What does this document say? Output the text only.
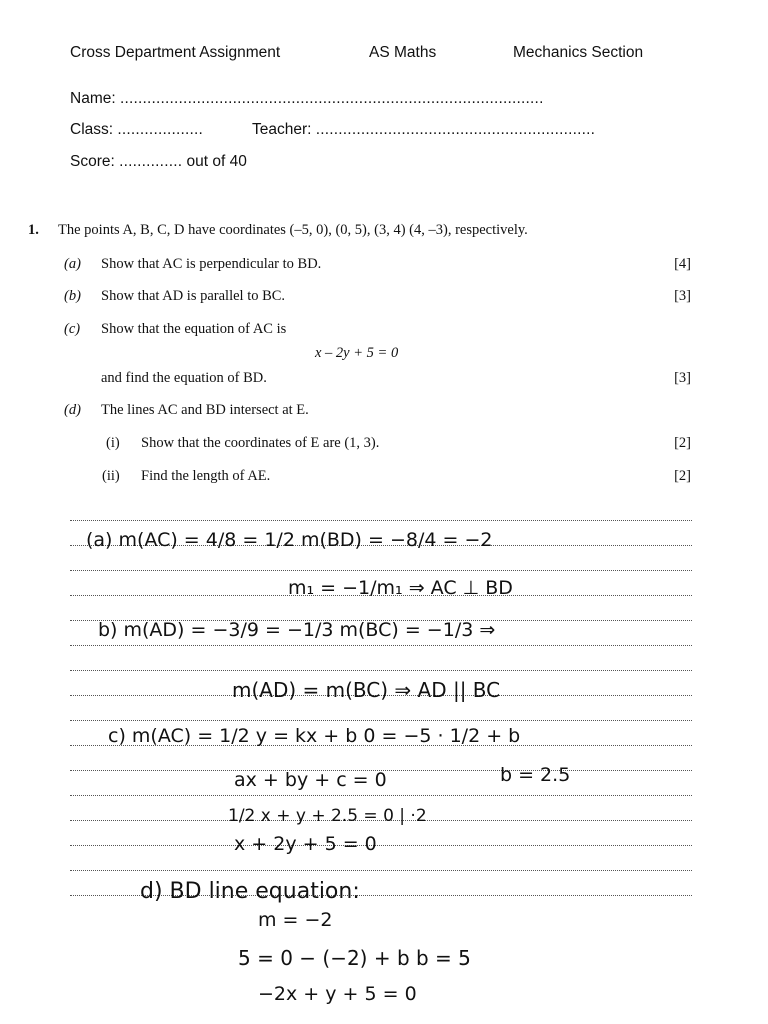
Cross Department Assignment	AS Maths	Mechanics Section
Name: ..............................................................................................
Class: ...................	Teacher: ..............................................................
Score: .............. out of 40
1. The points A, B, C, D have coordinates (–5, 0), (0, 5), (3, 4) (4, –3), respectively.
(a) Show that AC is perpendicular to BD.	[4]
(b) Show that AD is parallel to BC.	[3]
(c) Show that the equation of AC is
x – 2y + 5 = 0
and find the equation of BD.	[3]
(d) The lines AC and BD intersect at E.
(i) Show that the coordinates of E are (1, 3).	[2]
(ii) Find the length of AE.	[2]
(a) m(AC) = 4/8 = 1/2 m(BD) = −8/4 = −2
m₁ = −1/m₁ ⇒ AC ⊥ BD
b) m(AD) = −3/9 = −1/3 m(BC) = −1/3 ⇒
m(AD) = m(BC) ⇒ AD || BC
c) m(AC) = 1/2 y = kx + b 0 = −5 · 1/2 + b
ax + by + c = 0	b = 2.5
1/2 x + y + 2.5 = 0 | ·2
x + 2y + 5 = 0
d) BD line equation:
m = −2
5 = 0 − (−2) + b b = 5
−2x + y + 5 = 0
